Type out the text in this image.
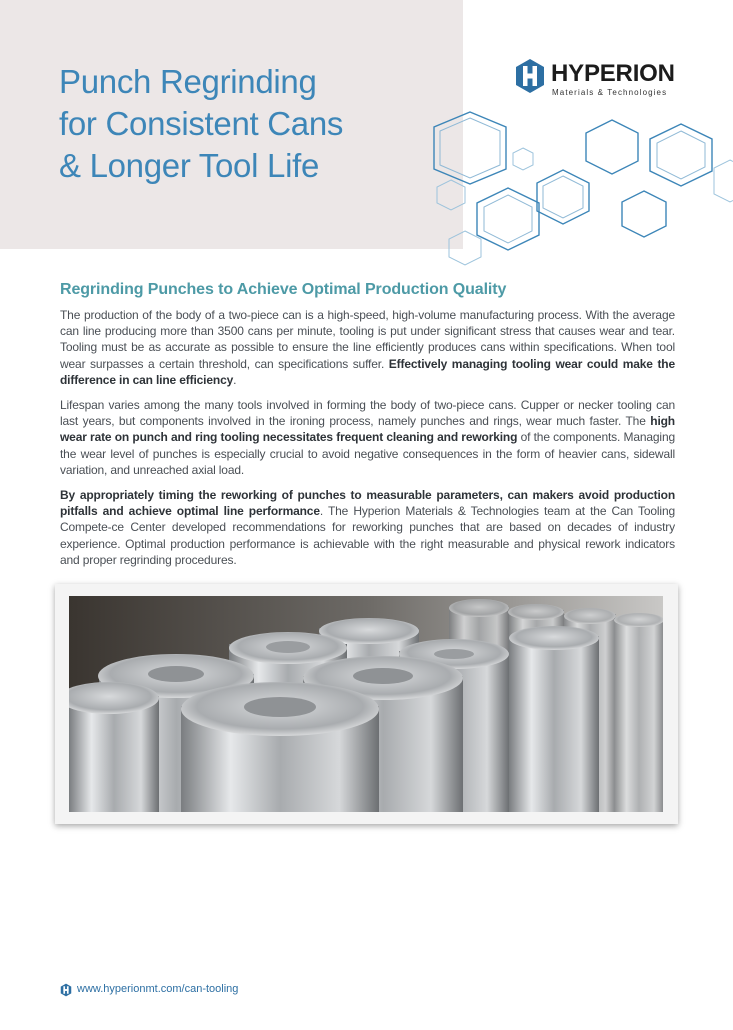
Punch Regrinding
for Consistent Cans
& Longer Tool Life
HYPERION
Materials & Technologies
Regrinding Punches to Achieve Optimal Production Quality

The production of the body of a two-piece can is a high-speed, high-volume manufacturing process. With the average can line producing more than 3500 cans per minute, tooling is put under significant stress that causes wear and tear. Tooling must be as accurate as possible to ensure the line efficiently produces cans within specifications. When tool wear surpasses a certain threshold, can specifications suffer. Effectively managing tooling wear could make the difference in can line efficiency.

Lifespan varies among the many tools involved in forming the body of two-piece cans. Cupper or necker tooling can last years, but components involved in the ironing process, namely punches and rings, wear much faster. The high wear rate on punch and ring tooling necessitates frequent cleaning and reworking of the components. Managing the wear level of punches is especially crucial to avoid negative consequences in the form of heavier cans, sidewall variation, and unreached axial load.

By appropriately timing the reworking of punches to measurable parameters, can makers avoid production pitfalls and achieve optimal line performance. The Hyperion Materials & Technologies team at the Can Tooling Compete-ce Center developed recommendations for reworking punches that are based on decades of industry experience. Optimal production performance is achievable with the right measurable and physical rework indicators and proper regrinding procedures.

www.hyperionmt.com/can-tooling
